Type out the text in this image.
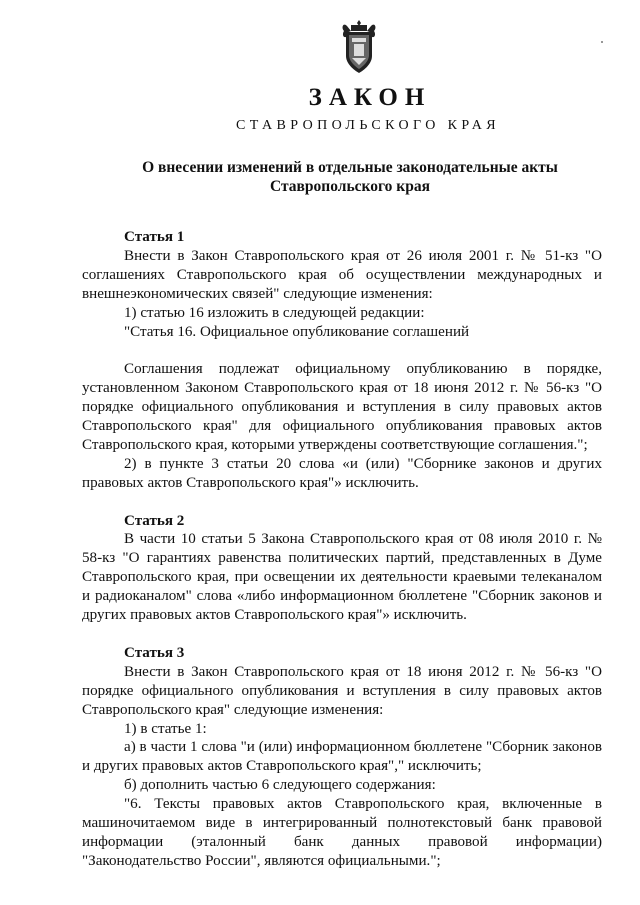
ЗАКОН
СТАВРОПОЛЬСКОГО КРАЯ
О внесении изменений в отдельные законодательные акты
Ставропольского края

Статья 1

Внести в Закон Ставропольского края от 26 июля 2001 г. № 51-кз "О соглашениях Ставропольского края об осуществлении международных и внешнеэкономических связей" следующие изменения:

1) статью 16 изложить в следующей редакции:

"Статья 16. Официальное опубликование соглашений

Соглашения подлежат официальному опубликованию в порядке, установленном Законом Ставропольского края от 18 июня 2012 г. № 56-кз "О порядке официального опубликования и вступления в силу правовых актов Ставропольского края" для официального опубликования правовых актов Ставропольского края, которыми утверждены соответствующие соглашения.";

2) в пункте 3 статьи 20 слова «и (или) "Сборнике законов и других правовых актов Ставропольского края"» исключить.

Статья 2

В части 10 статьи 5 Закона Ставропольского края от 08 июля 2010 г. № 58-кз "О гарантиях равенства политических партий, представленных в Думе Ставропольского края, при освещении их деятельности краевыми телеканалом и радиоканалом" слова «либо информационном бюллетене "Сборник законов и других правовых актов Ставропольского края"» исключить.

Статья 3

Внести в Закон Ставропольского края от 18 июня 2012 г. № 56-кз "О порядке официального опубликования и вступления в силу правовых актов Ставропольского края" следующие изменения:

1) в статье 1:

а) в части 1 слова "и (или) информационном бюллетене "Сборник законов и других правовых актов Ставропольского края"," исключить;

б) дополнить частью 6 следующего содержания:

"6. Тексты правовых актов Ставропольского края, включенные в машиночитаемом виде в интегрированный полнотекстовый банк правовой информации (эталонный банк данных правовой информации) "Законодательство России", являются официальными.";
